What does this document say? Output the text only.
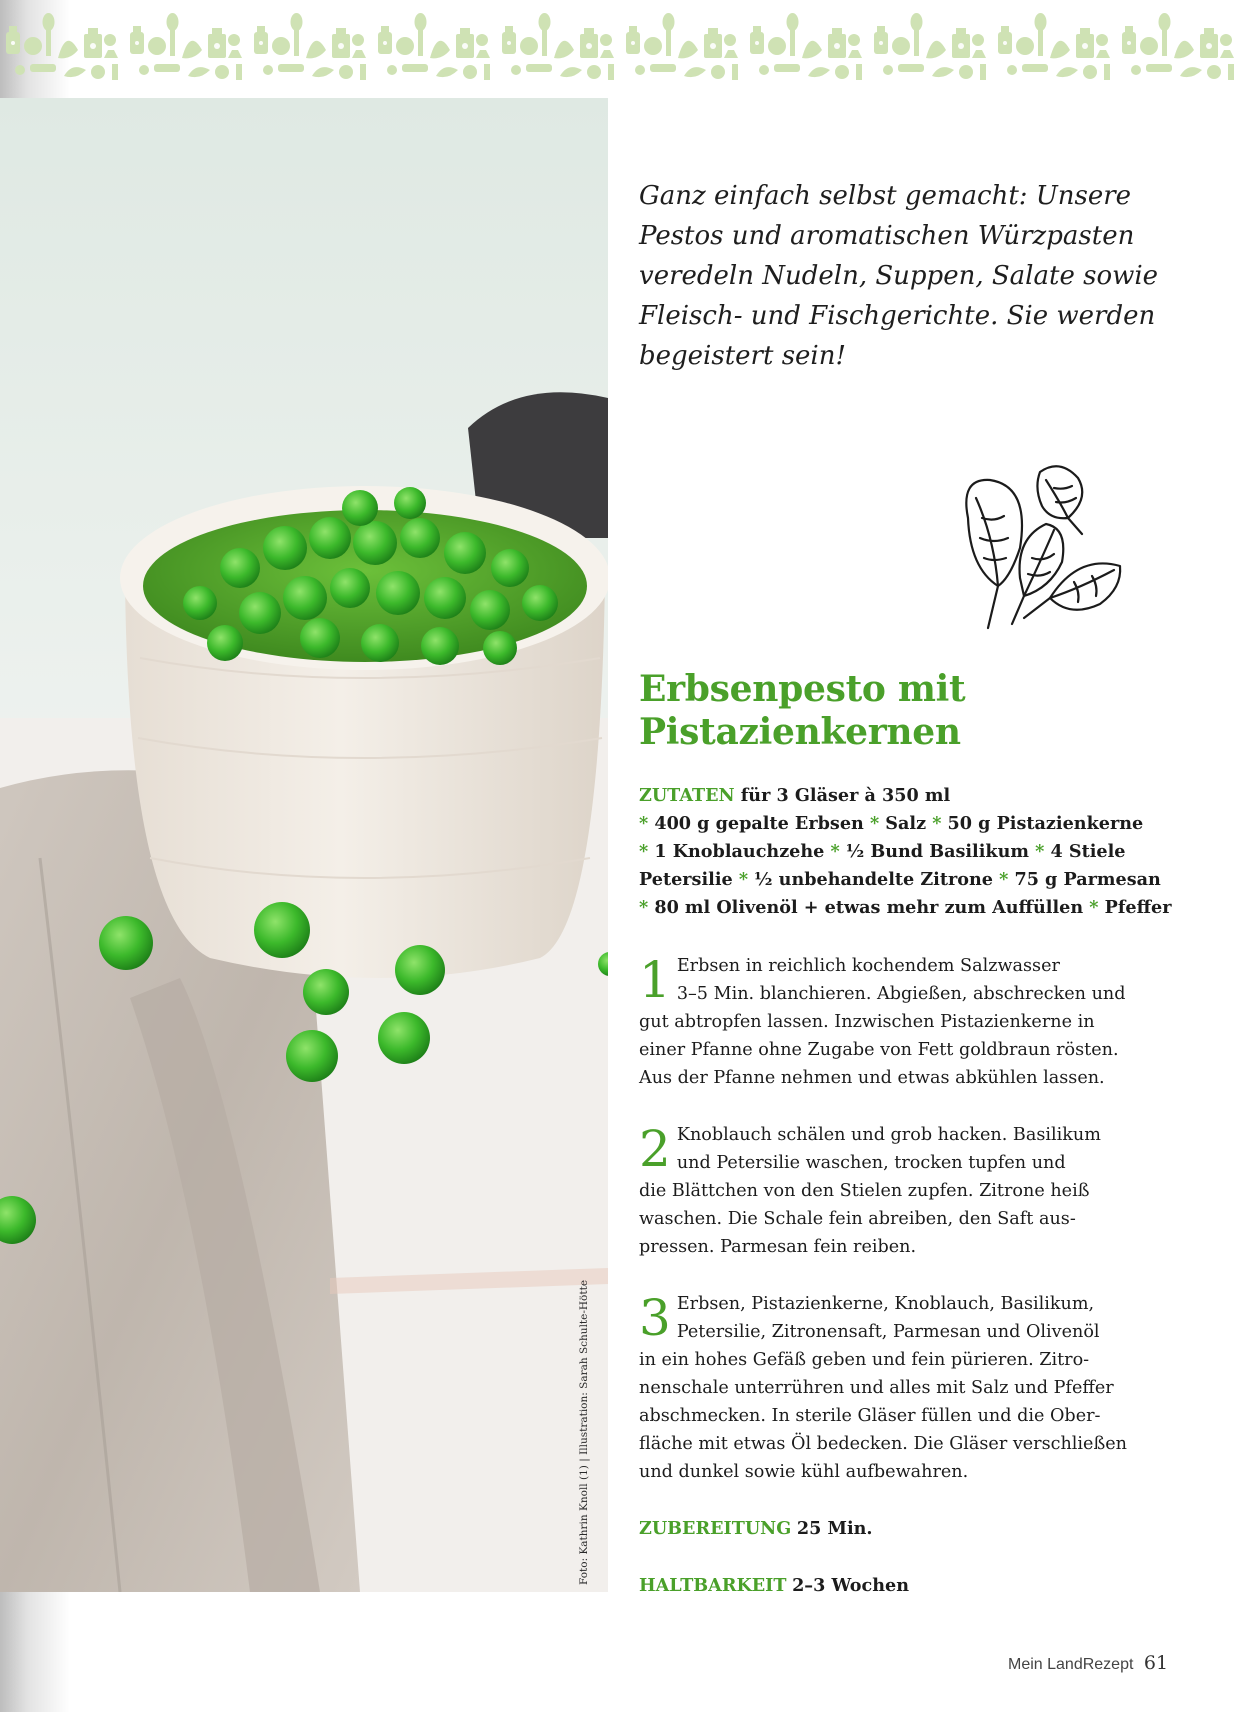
Foto: Kathrin Knoll (1) | Illustration: Sarah Schulte-Hötte
Ganz einfach selbst gemacht: Unsere Pestos und aromatischen Würzpasten veredeln Nudeln, Suppen, Salate sowie Fleisch- und Fischgerichte. Sie werden begeistert sein!
Erbsenpesto mit
Pistazienkernen
ZUTATEN für 3 Gläser à 350 ml
* 400 g gepalte Erbsen * Salz * 50 g Pistazienkerne
* 1 Knoblauchzehe * ½ Bund Basilikum * 4 Stiele
Petersilie * ½ unbehandelte Zitrone * 75 g Parmesan
* 80 ml Olivenöl + etwas mehr zum Auffüllen * Pfeffer
1 Erbsen in reichlich kochendem Salzwasser
3–5 Min. blanchieren. Abgießen, abschrecken und
gut abtropfen lassen. Inzwischen Pistazienkerne in
einer Pfanne ohne Zugabe von Fett goldbraun rösten.
Aus der Pfanne nehmen und etwas abkühlen lassen.
2 Knoblauch schälen und grob hacken. Basilikum
und Petersilie waschen, trocken tupfen und
die Blättchen von den Stielen zupfen. Zitrone heiß
waschen. Die Schale fein abreiben, den Saft aus-
pressen. Parmesan fein reiben.
3 Erbsen, Pistazienkerne, Knoblauch, Basilikum,
Petersilie, Zitronensaft, Parmesan und Olivenöl
in ein hohes Gefäß geben und fein pürieren. Zitro-
nenschale unterrühren und alles mit Salz und Pfeffer
abschmecken. In sterile Gläser füllen und die Ober-
fläche mit etwas Öl bedecken. Die Gläser verschließen
und dunkel sowie kühl aufbewahren.
ZUBEREITUNG 25 Min.
HALTBARKEIT 2–3 Wochen
Mein LandRezept 61
